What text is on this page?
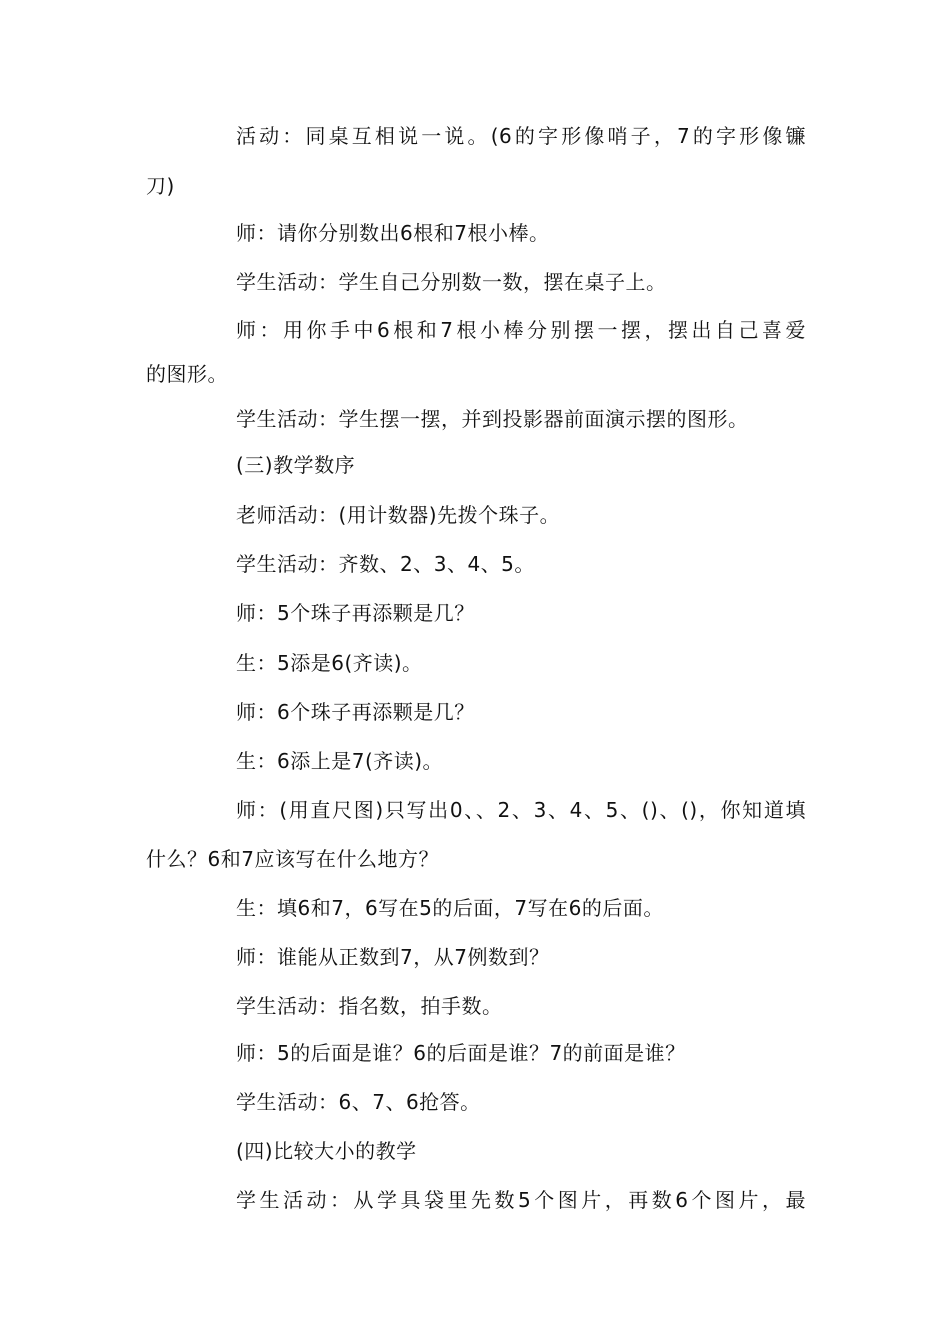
活动：同桌互相说一说。(6的字形像哨子，7的字形像镰
刀)
师：请你分别数出6根和7根小棒。
学生活动：学生自己分别数一数，摆在桌子上。
师：用你手中6根和7根小棒分别摆一摆，摆出自己喜爱
的图形。
学生活动：学生摆一摆，并到投影器前面演示摆的图形。
(三)教学数序
老师活动：(用计数器)先拨个珠子。
学生活动：齐数、2、3、4、5。
师：5个珠子再添颗是几？
生：5添是6(齐读)。
师：6个珠子再添颗是几？
生：6添上是7(齐读)。
师：(用直尺图)只写出0、、2、3、4、5、()、()，你知道填
什么？6和7应该写在什么地方？
生：填6和7，6写在5的后面，7写在6的后面。
师：谁能从正数到7，从7例数到？
学生活动：指名数，拍手数。
师：5的后面是谁？6的后面是谁？7的前面是谁？
学生活动：6、7、6抢答。
(四)比较大小的教学
学生活动：从学具袋里先数5个图片，再数6个图片，最
